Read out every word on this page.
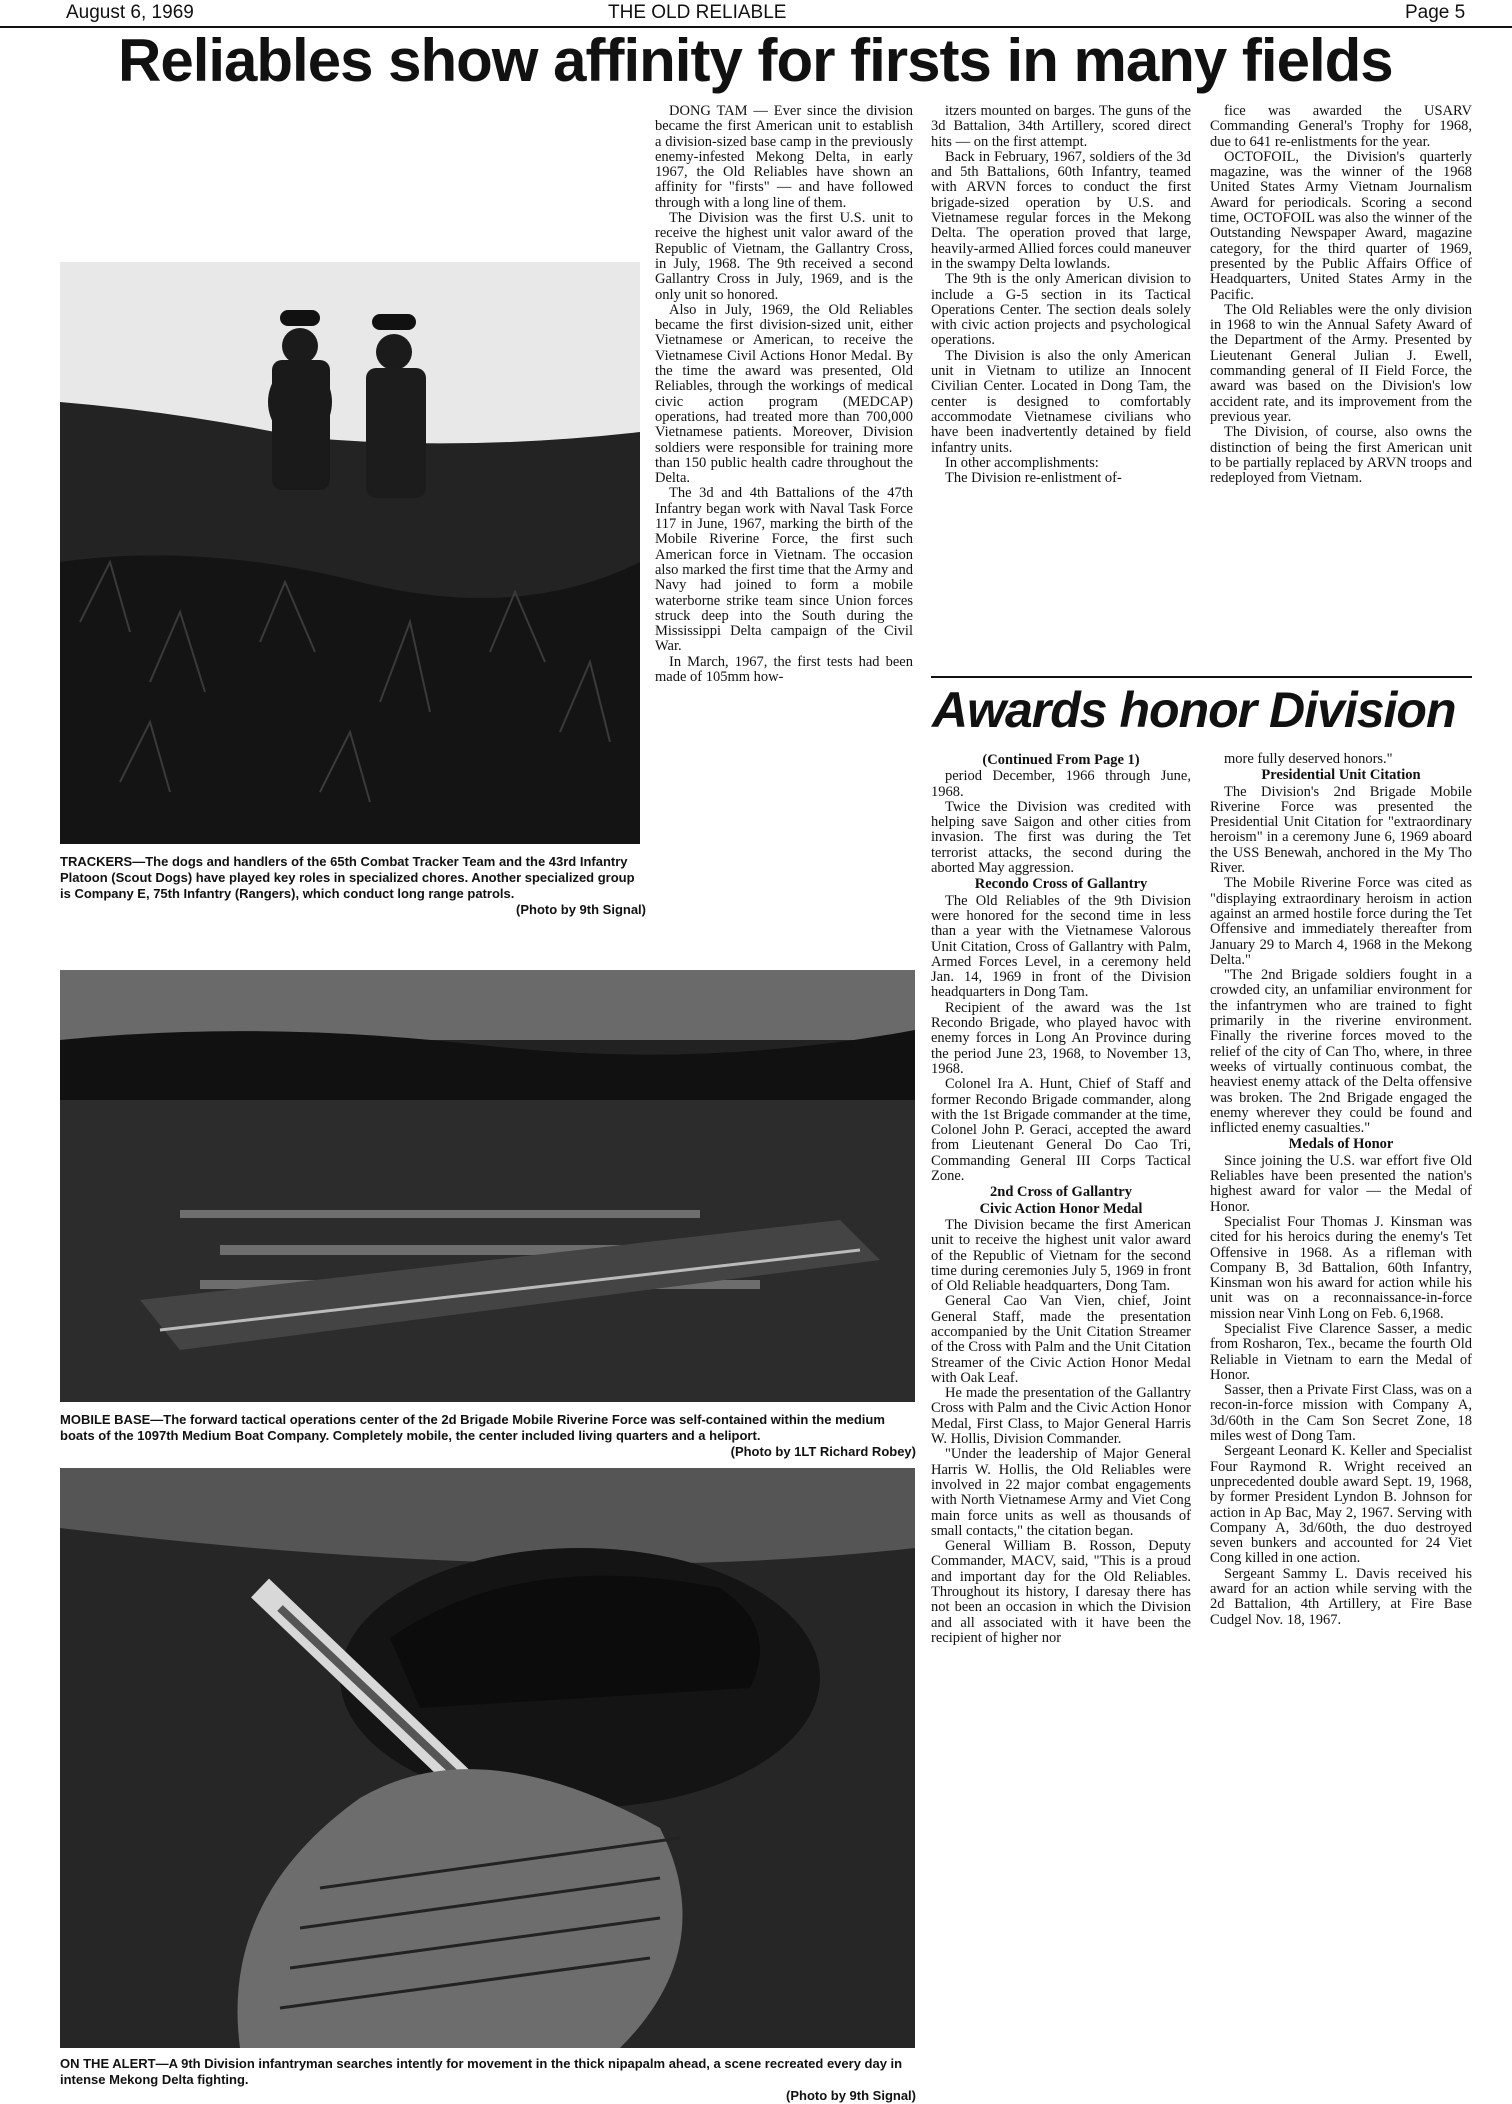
August 6, 1969	THE OLD RELIABLE	Page 5
Reliables show affinity for firsts in many fields
TRACKERS—The dogs and handlers of the 65th Combat Tracker Team and the 43rd Infantry Platoon (Scout Dogs) have played key roles in specialized chores. Another specialized group is Company E, 75th Infantry (Rangers), which conduct long range patrols.
(Photo by 9th Signal)
MOBILE BASE—The forward tactical operations center of the 2d Brigade Mobile Riverine Force was self-contained within the medium boats of the 1097th Medium Boat Company. Completely mobile, the center included living quarters and a heliport.
(Photo by 1LT Richard Robey)
ON THE ALERT—A 9th Division infantryman searches intently for movement in the thick nipapalm ahead, a scene recreated every day in intense Mekong Delta fighting.
(Photo by 9th Signal)

DONG TAM — Ever since the division became the first American unit to establish a division-sized base camp in the previously enemy-infested Mekong Delta, in early 1967, the Old Reliables have shown an affinity for "firsts" — and have followed through with a long line of them.

The Division was the first U.S. unit to receive the highest unit valor award of the Republic of Vietnam, the Gallantry Cross, in July, 1968. The 9th received a second Gallantry Cross in July, 1969, and is the only unit so honored.

Also in July, 1969, the Old Reliables became the first division-sized unit, either Vietnamese or American, to receive the Vietnamese Civil Actions Honor Medal. By the time the award was presented, Old Reliables, through the workings of medical civic action program (MEDCAP) operations, had treated more than 700,000 Vietnamese patients. Moreover, Division soldiers were responsible for training more than 150 public health cadre throughout the Delta.

The 3d and 4th Battalions of the 47th Infantry began work with Naval Task Force 117 in June, 1967, marking the birth of the Mobile Riverine Force, the first such American force in Vietnam. The occasion also marked the first time that the Army and Navy had joined to form a mobile waterborne strike team since Union forces struck deep into the South during the Mississippi Delta campaign of the Civil War.

In March, 1967, the first tests had been made of 105mm how-

itzers mounted on barges. The guns of the 3d Battalion, 34th Artillery, scored direct hits — on the first attempt.

Back in February, 1967, soldiers of the 3d and 5th Battalions, 60th Infantry, teamed with ARVN forces to conduct the first brigade-sized operation by U.S. and Vietnamese regular forces in the Mekong Delta. The operation proved that large, heavily-armed Allied forces could maneuver in the swampy Delta lowlands.

The 9th is the only American division to include a G-5 section in its Tactical Operations Center. The section deals solely with civic action projects and psychological operations.

The Division is also the only American unit in Vietnam to utilize an Innocent Civilian Center. Located in Dong Tam, the center is designed to comfortably accommodate Vietnamese civilians who have been inadvertently detained by field infantry units.

In other accomplishments:

The Division re-enlistment of-

fice was awarded the USARV Commanding General's Trophy for 1968, due to 641 re-enlistments for the year.

OCTOFOIL, the Division's quarterly magazine, was the winner of the 1968 United States Army Vietnam Journalism Award for periodicals. Scoring a second time, OCTOFOIL was also the winner of the Outstanding Newspaper Award, magazine category, for the third quarter of 1969, presented by the Public Affairs Office of Headquarters, United States Army in the Pacific.

The Old Reliables were the only division in 1968 to win the Annual Safety Award of the Department of the Army. Presented by Lieutenant General Julian J. Ewell, commanding general of II Field Force, the award was based on the Division's low accident rate, and its improvement from the previous year.

The Division, of course, also owns the distinction of being the first American unit to be partially replaced by ARVN troops and redeployed from Vietnam.

Awards honor Division

(Continued From Page 1)

period December, 1966 through June, 1968.

Twice the Division was credited with helping save Saigon and other cities from invasion. The first was during the Tet terrorist attacks, the second during the aborted May aggression.

Recondo Cross of Gallantry

The Old Reliables of the 9th Division were honored for the second time in less than a year with the Vietnamese Valorous Unit Citation, Cross of Gallantry with Palm, Armed Forces Level, in a ceremony held Jan. 14, 1969 in front of the Division headquarters in Dong Tam.

Recipient of the award was the 1st Recondo Brigade, who played havoc with enemy forces in Long An Province during the period June 23, 1968, to November 13, 1968.

Colonel Ira A. Hunt, Chief of Staff and former Recondo Brigade commander, along with the 1st Brigade commander at the time, Colonel John P. Geraci, accepted the award from Lieutenant General Do Cao Tri, Commanding General III Corps Tactical Zone.

2nd Cross of Gallantry

Civic Action Honor Medal

The Division became the first American unit to receive the highest unit valor award of the Republic of Vietnam for the second time during ceremonies July 5, 1969 in front of Old Reliable headquarters, Dong Tam.

General Cao Van Vien, chief, Joint General Staff, made the presentation accompanied by the Unit Citation Streamer of the Cross with Palm and the Unit Citation Streamer of the Civic Action Honor Medal with Oak Leaf.

He made the presentation of the Gallantry Cross with Palm and the Civic Action Honor Medal, First Class, to Major General Harris W. Hollis, Division Commander.

"Under the leadership of Major General Harris W. Hollis, the Old Reliables were involved in 22 major combat engagements with North Vietnamese Army and Viet Cong main force units as well as thousands of small contacts," the citation began.

General William B. Rosson, Deputy Commander, MACV, said, "This is a proud and important day for the Old Reliables. Throughout its history, I daresay there has not been an occasion in which the Division and all associated with it have been the recipient of higher nor

more fully deserved honors."

Presidential Unit Citation

The Division's 2nd Brigade Mobile Riverine Force was presented the Presidential Unit Citation for "extraordinary heroism" in a ceremony June 6, 1969 aboard the USS Benewah, anchored in the My Tho River.

The Mobile Riverine Force was cited as "displaying extraordinary heroism in action against an armed hostile force during the Tet Offensive and immediately thereafter from January 29 to March 4, 1968 in the Mekong Delta."

"The 2nd Brigade soldiers fought in a crowded city, an unfamiliar environment for the infantrymen who are trained to fight primarily in the riverine environment. Finally the riverine forces moved to the relief of the city of Can Tho, where, in three weeks of virtually continuous combat, the heaviest enemy attack of the Delta offensive was broken. The 2nd Brigade engaged the enemy wherever they could be found and inflicted enemy casualties."

Medals of Honor

Since joining the U.S. war effort five Old Reliables have been presented the nation's highest award for valor — the Medal of Honor.

Specialist Four Thomas J. Kinsman was cited for his heroics during the enemy's Tet Offensive in 1968. As a rifleman with Company B, 3d Battalion, 60th Infantry, Kinsman won his award for action while his unit was on a reconnaissance-in-force mission near Vinh Long on Feb. 6,1968.

Specialist Five Clarence Sasser, a medic from Rosharon, Tex., became the fourth Old Reliable in Vietnam to earn the Medal of Honor.

Sasser, then a Private First Class, was on a recon-in-force mission with Company A, 3d/60th in the Cam Son Secret Zone, 18 miles west of Dong Tam.

Sergeant Leonard K. Keller and Specialist Four Raymond R. Wright received an unprecedented double award Sept. 19, 1968, by former President Lyndon B. Johnson for action in Ap Bac, May 2, 1967. Serving with Company A, 3d/60th, the duo destroyed seven bunkers and accounted for 24 Viet Cong killed in one action.

Sergeant Sammy L. Davis received his award for an action while serving with the 2d Battalion, 4th Artillery, at Fire Base Cudgel Nov. 18, 1967.
